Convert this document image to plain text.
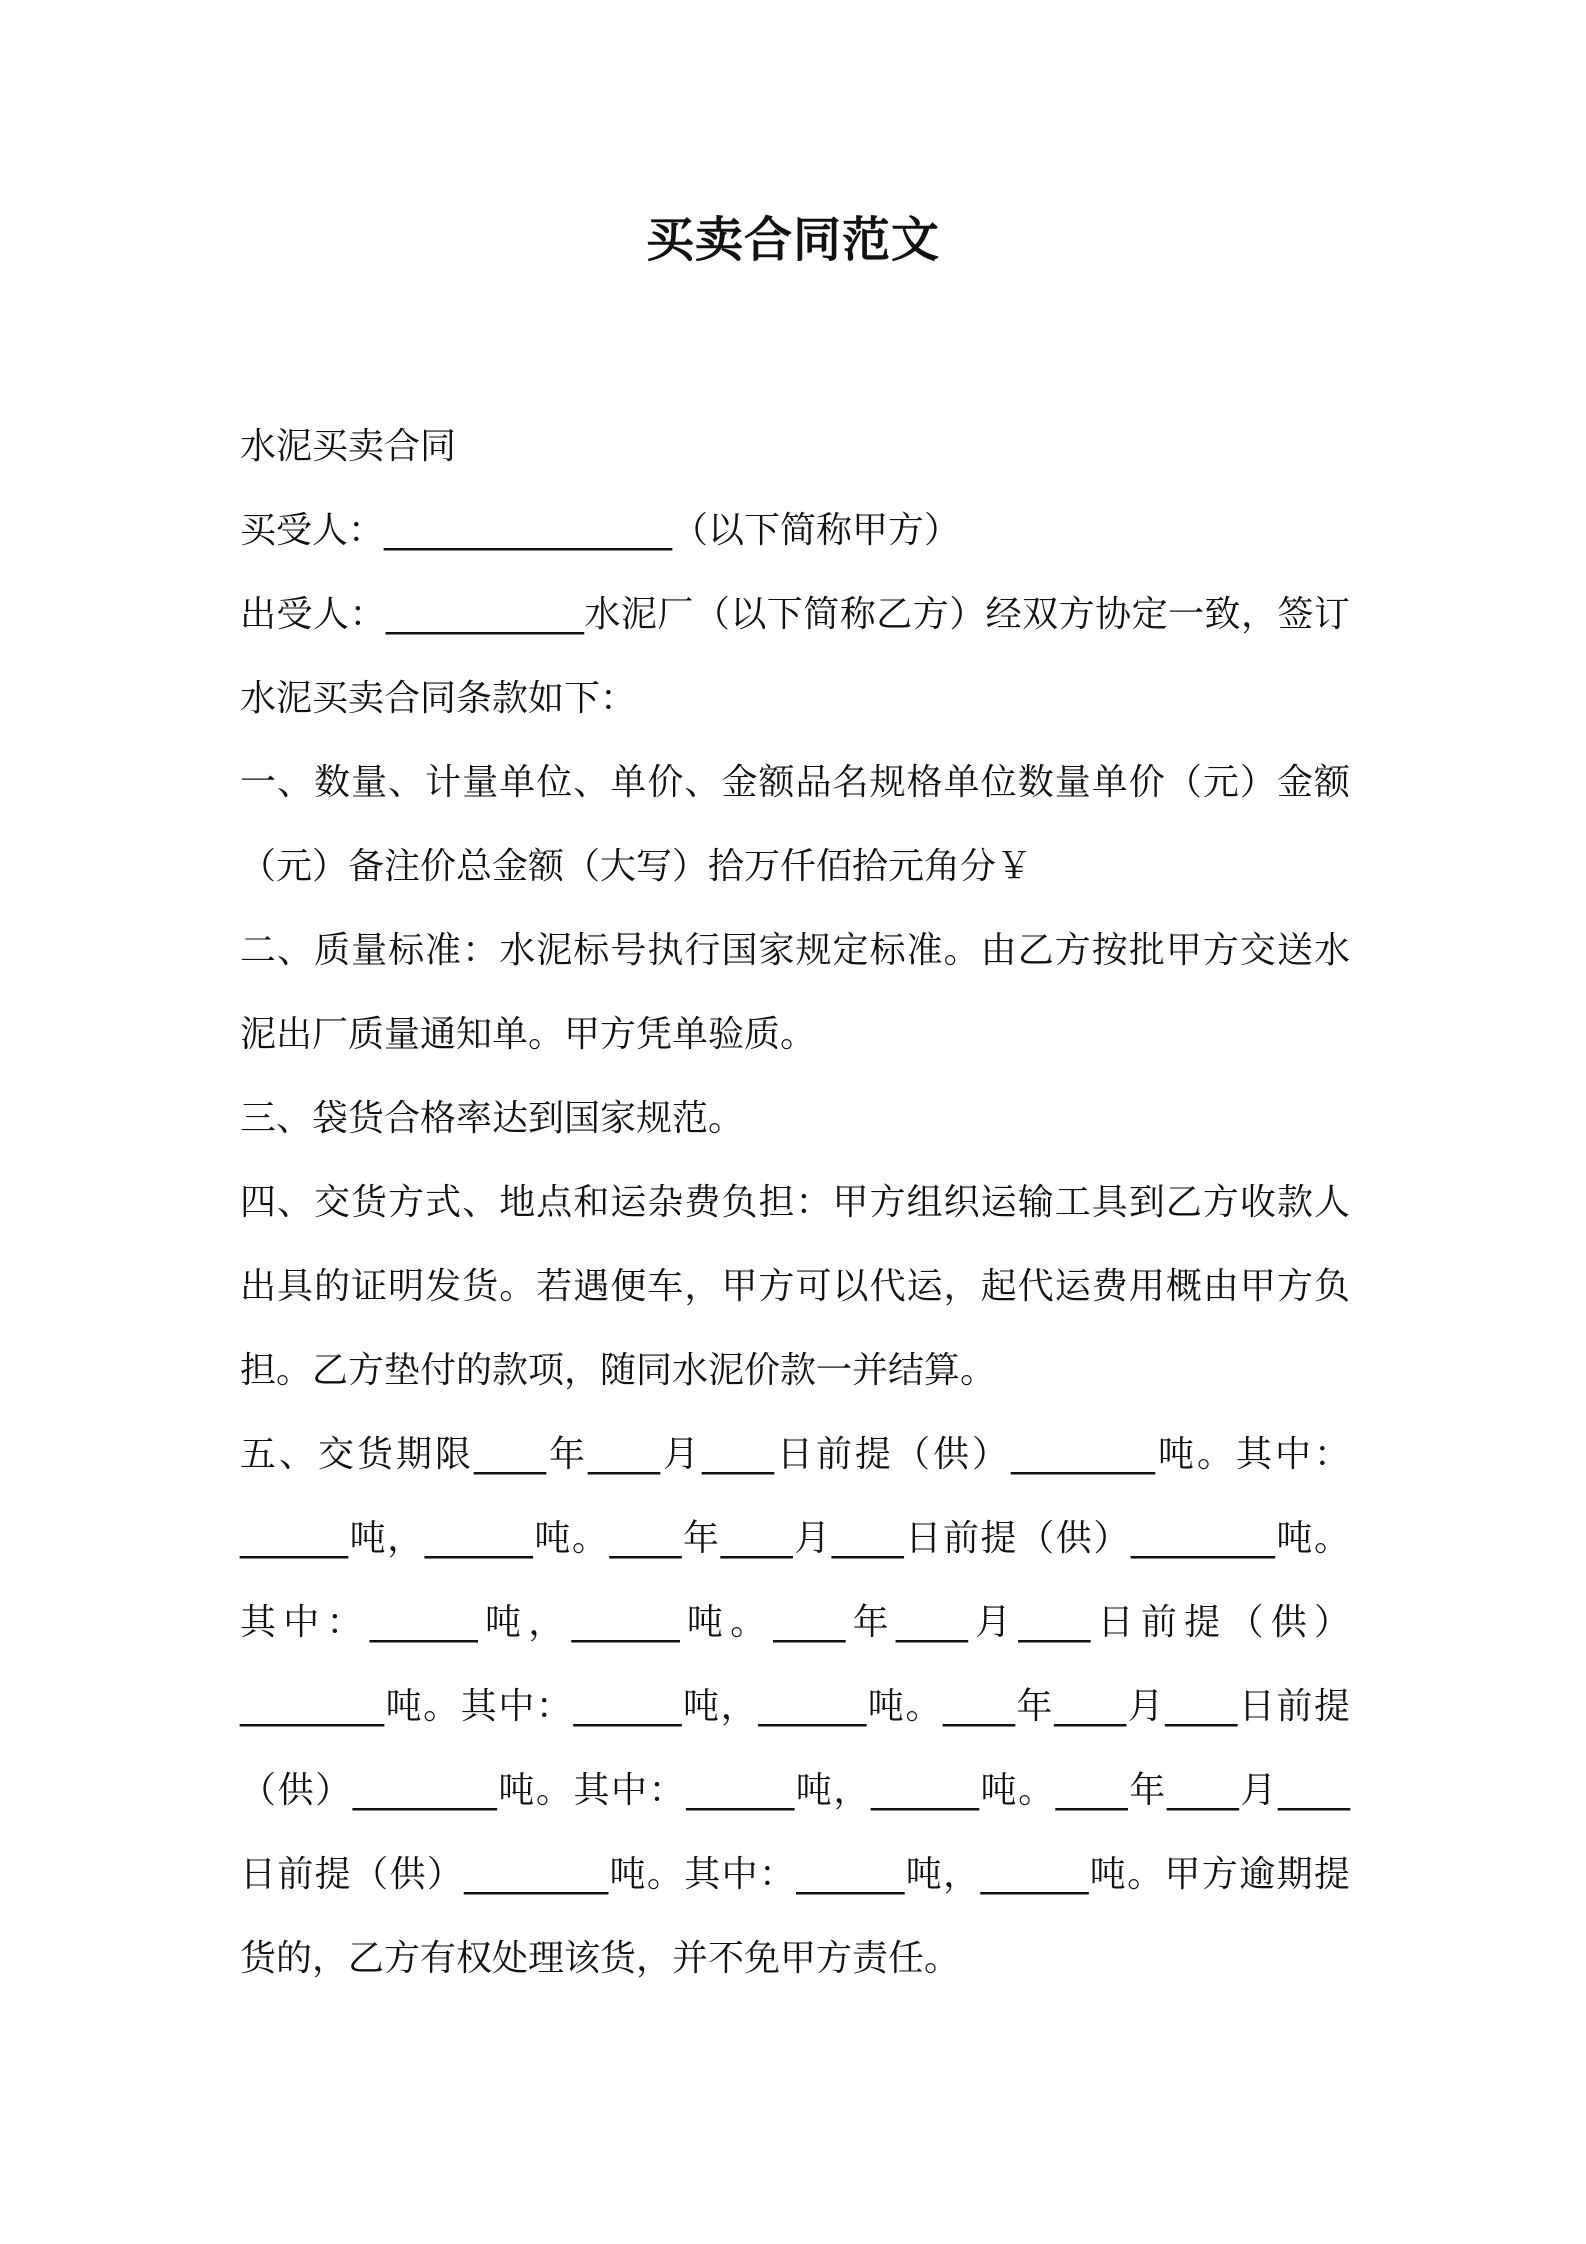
买卖合同范文

水泥买卖合同

买受人：________________（以下简称甲方）

出受人：___________水泥厂（以下简称乙方）经双方协定一致，签订水泥买卖合同条款如下：

一、数量、计量单位、单价、金额品名规格单位数量单价（元）金额（元）备注价总金额（大写）拾万仟佰拾元角分￥

二、质量标准：水泥标号执行国家规定标准。由乙方按批甲方交送水泥出厂质量通知单。甲方凭单验质。

三、袋货合格率达到国家规范。

四、交货方式、地点和运杂费负担：甲方组织运输工具到乙方收款人出具的证明发货。若遇便车，甲方可以代运，起代运费用概由甲方负担。乙方垫付的款项，随同水泥价款一并结算。

五、交货期限____年____月____日前提（供）________吨。其中：______吨，______吨。____年____月____日前提（供）________吨。其中：______吨，______吨。____年____月____日前提（供）________吨。其中：______吨，______吨。____年____月____日前提（供）________吨。其中：______吨，______吨。____年____月____日前提（供）________吨。其中：______吨，______吨。甲方逾期提货的，乙方有权处理该货，并不免甲方责任。
